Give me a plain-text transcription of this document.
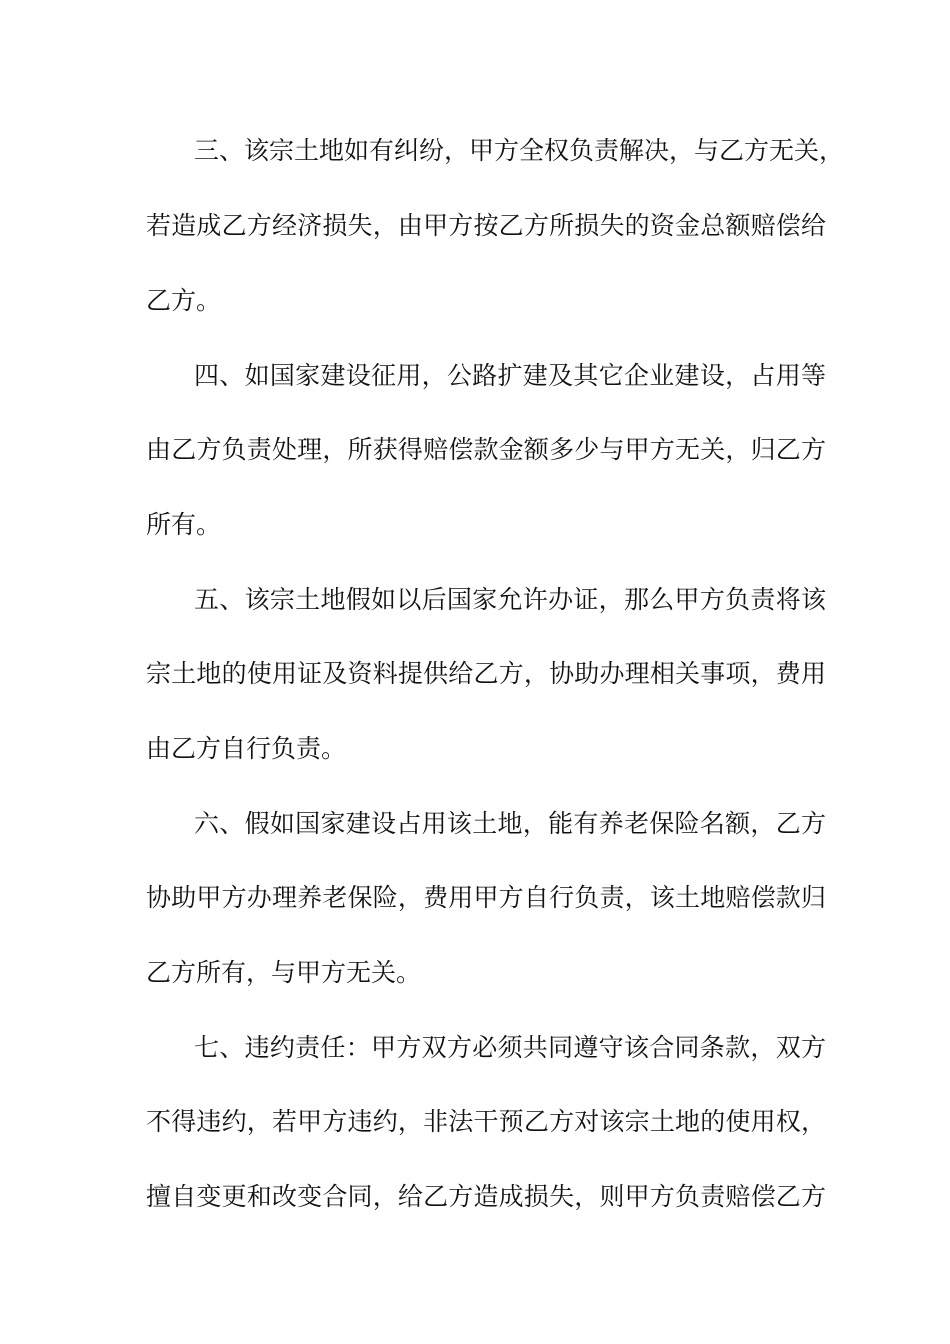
三、该宗土地如有纠纷，甲方全权负责解决，与乙方无关，
若造成乙方经济损失，由甲方按乙方所损失的资金总额赔偿给
乙方。
四、如国家建设征用，公路扩建及其它企业建设，占用等
由乙方负责处理，所获得赔偿款金额多少与甲方无关，归乙方
所有。
五、该宗土地假如以后国家允许办证，那么甲方负责将该
宗土地的使用证及资料提供给乙方，协助办理相关事项，费用
由乙方自行负责。
六、假如国家建设占用该土地，能有养老保险名额，乙方
协助甲方办理养老保险，费用甲方自行负责，该土地赔偿款归
乙方所有，与甲方无关。
七、违约责任：甲方双方必须共同遵守该合同条款，双方
不得违约，若甲方违约，非法干预乙方对该宗土地的使用权，
擅自变更和改变合同，给乙方造成损失，则甲方负责赔偿乙方
